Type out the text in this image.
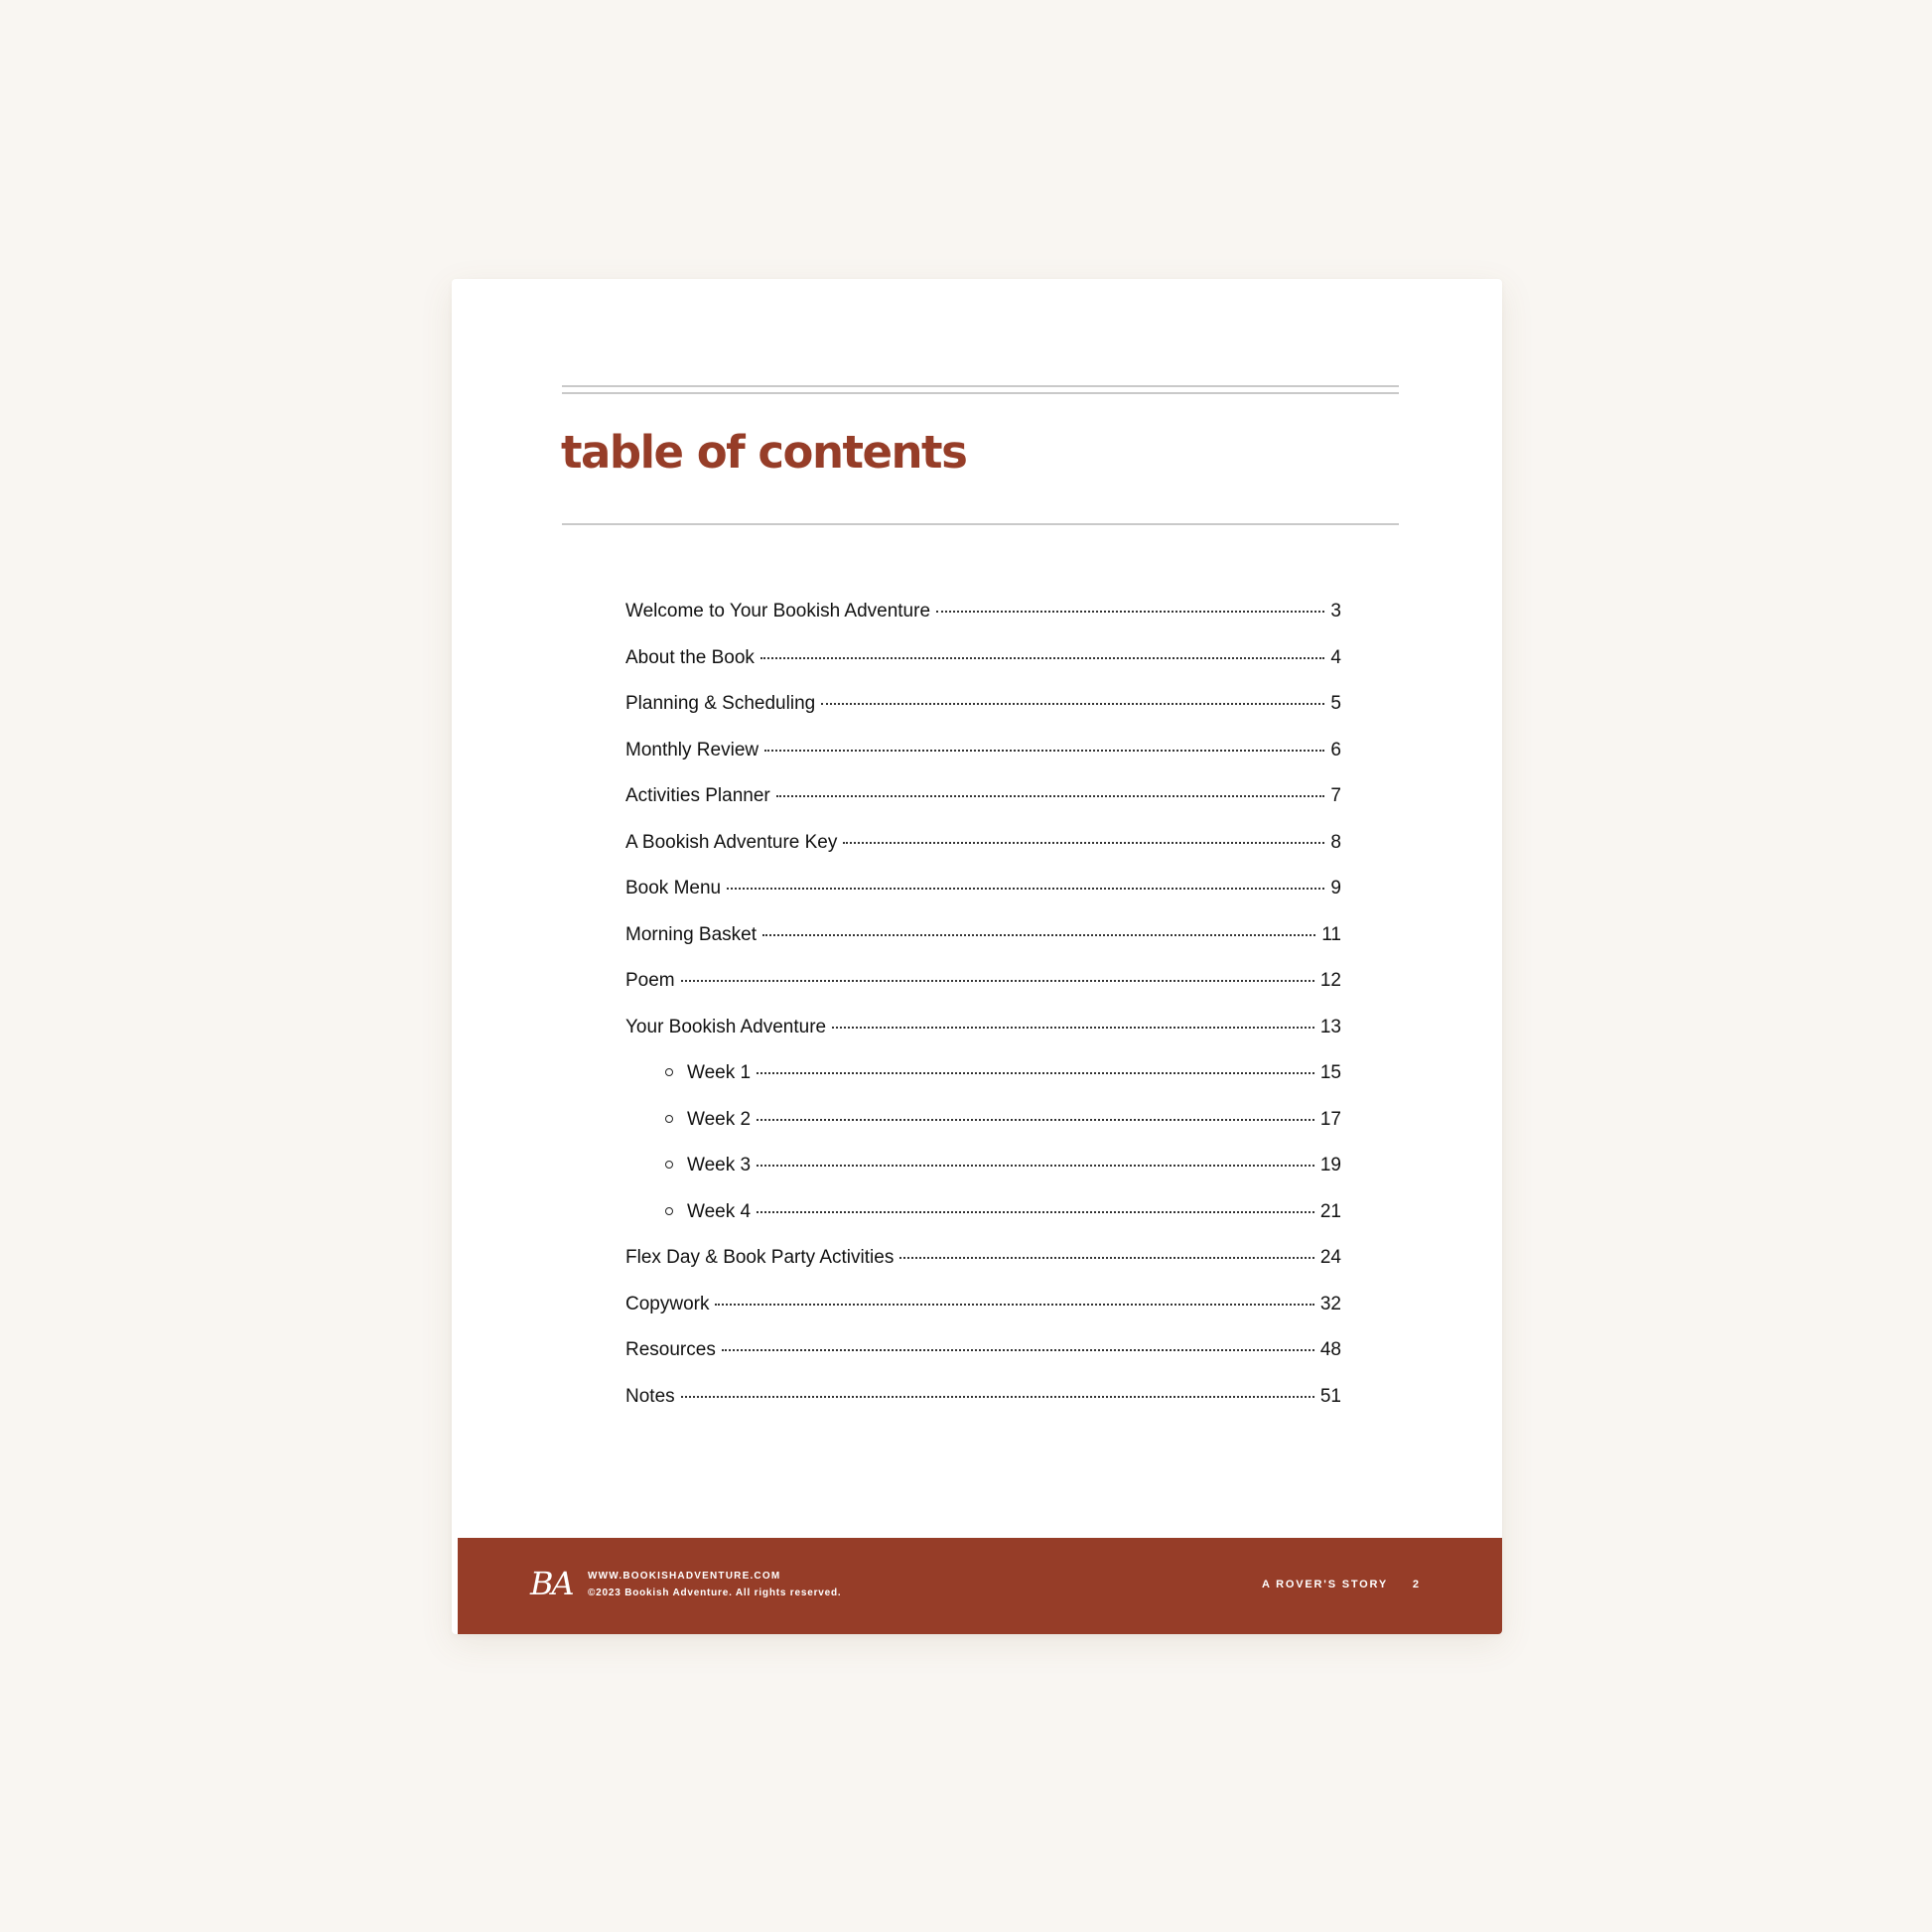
table of contents
Welcome to Your Bookish Adventure	3
About the Book	4
Planning & Scheduling	5
Monthly Review	6
Activities Planner	7
A Bookish Adventure Key	8
Book Menu	9
Morning Basket	11
Poem	12
Your Bookish Adventure	13
Week 1	15
Week 2	17
Week 3	19
Week 4	21
Flex Day & Book Party Activities	24
Copywork	32
Resources	48
Notes	51
BA WWW.BOOKISHADVENTURE.COM
©2023 Bookish Adventure. All rights reserved.
A ROVER'S STORY 2
